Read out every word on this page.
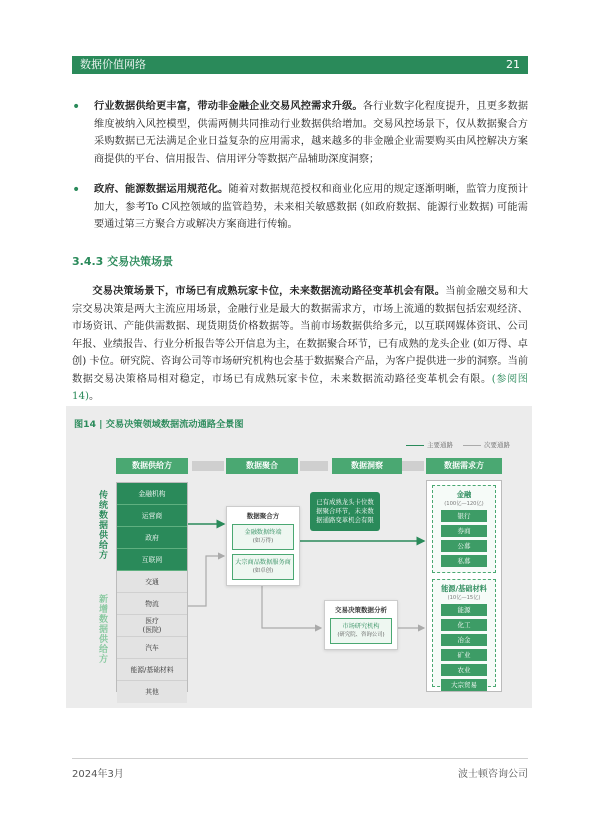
数据价值网络	21
•	行业数据供给更丰富，带动非金融企业交易风控需求升级。各行业数字化程度提升，且更多数据维度被纳入风控模型，供需两侧共同推动行业数据供给增加。交易风控场景下，仅从数据聚合方采购数据已无法满足企业日益复杂的应用需求，越来越多的非金融企业需要购买由风控解决方案商提供的平台、信用报告、信用评分等数据产品辅助深度洞察；

•	政府、能源数据运用规范化。随着对数据规范授权和商业化应用的规定逐渐明晰，监管力度预计加大，参考To C风控领域的监管趋势，未来相关敏感数据 (如政府数据、能源行业数据) 可能需要通过第三方聚合方或解决方案商进行传输。

3.4.3 交易决策场景

交易决策场景下，市场已有成熟玩家卡位，未来数据流动路径变革机会有限。当前金融交易和大宗交易决策是两大主流应用场景，金融行业是最大的数据需求方，市场上流通的数据包括宏观经济、市场资讯、产能供需数据、现货期货价格数据等。当前市场数据供给多元，以互联网媒体资讯、公司年报、业绩报告、行业分析报告等公开信息为主，在数据聚合环节，已有成熟的龙头企业 (如万得、卓创) 卡位。研究院、咨询公司等市场研究机构也会基于数据聚合产品，为客户提供进一步的洞察。当前数据交易决策格局相对稳定，市场已有成熟玩家卡位，未来数据流动路径变革机会有限。(参阅图14)。

图14 | 交易决策领域数据流动通路全景图
主要通路	次要通路
数据供给方	数据聚合	数据洞察	数据需求方
传统数据供给方
新增数据供给方
金融机构
运营商
政府
互联网
交通
物流
医疗
(医院)
汽车
能源/基础材料
其他
数据聚合方
金融数据终端
(如万得)
大宗商品数据服务商
(如卓创)
已有成熟龙头卡位数据聚合环节，未来数据通路变革机会有限
交易决策数据分析
市场研究机构
(研究院、咨询公司)
金融
(100亿—120亿)
银行
券商
公募
私募
能源/基础材料
(10亿—15亿)
能源
化工
冶金
矿业
农业
大宗贸易
2024年3月	波士顿咨询公司
